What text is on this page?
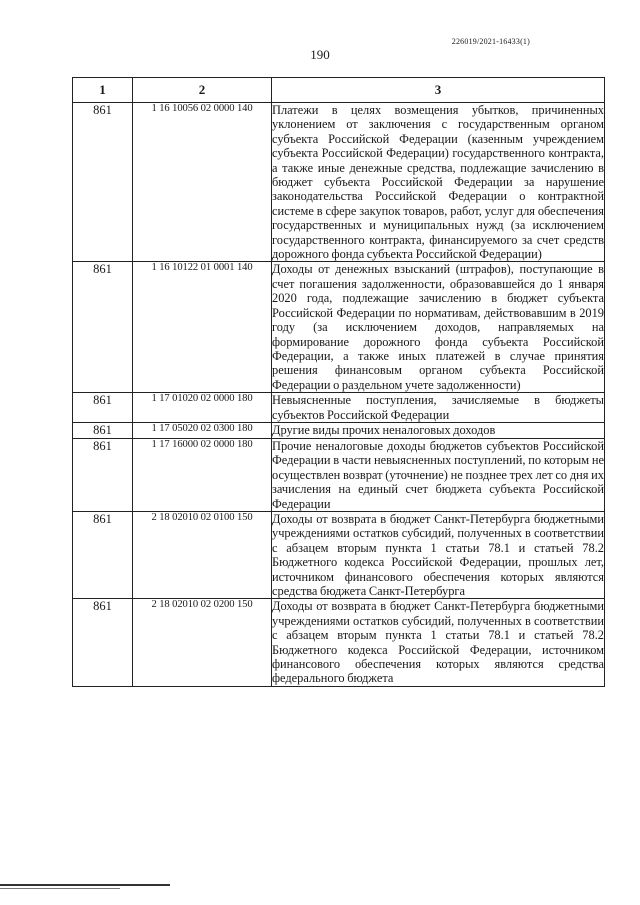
226019/2021-16433(1)
190
1	2	3
861	1 16 10056 02 0000 140	Платежи в целях возмещения убытков, причиненных уклонением от заключения с государственным органом субъекта Российской Федерации (казенным учреждением субъекта Российской Федерации) государственного контракта, а также иные денежные средства, подлежащие зачислению в бюджет субъекта Российской Федерации за нарушение законодательства Российской Федерации о контрактной системе в сфере закупок товаров, работ, услуг для обеспечения государственных и муниципальных нужд (за исключением государственного контракта, финансируемого за счет средств дорожного фонда субъекта Российской Федерации)
861	1 16 10122 01 0001 140	Доходы от денежных взысканий (штрафов), поступающие в счет погашения задолженности, образовавшейся до 1 января 2020 года, подлежащие зачислению в бюджет субъекта Российской Федерации по нормативам, действовавшим в 2019 году (за исключением доходов, направляемых на формирование дорожного фонда субъекта Российской Федерации, а также иных платежей в случае принятия решения финансовым органом субъекта Российской Федерации о раздельном учете задолженности)
861	1 17 01020 02 0000 180	Невыясненные поступления, зачисляемые в бюджеты субъектов Российской Федерации
861	1 17 05020 02 0300 180	Другие виды прочих неналоговых доходов
861	1 17 16000 02 0000 180	Прочие неналоговые доходы бюджетов субъектов Российской Федерации в части невыясненных поступлений, по которым не осуществлен возврат (уточнение) не позднее трех лет со дня их зачисления на единый счет бюджета субъекта Российской Федерации
861	2 18 02010 02 0100 150	Доходы от возврата в бюджет Санкт-Петербурга бюджетными учреждениями остатков субсидий, полученных в соответствии с абзацем вторым пункта 1 статьи 78.1 и статьей 78.2 Бюджетного кодекса Российской Федерации, прошлых лет, источником финансового обеспечения которых являются средства бюджета Санкт-Петербурга
861	2 18 02010 02 0200 150	Доходы от возврата в бюджет Санкт-Петербурга бюджетными учреждениями остатков субсидий, полученных в соответствии с абзацем вторым пункта 1 статьи 78.1 и статьей 78.2 Бюджетного кодекса Российской Федерации, источником финансового обеспечения которых являются средства федерального бюджета
